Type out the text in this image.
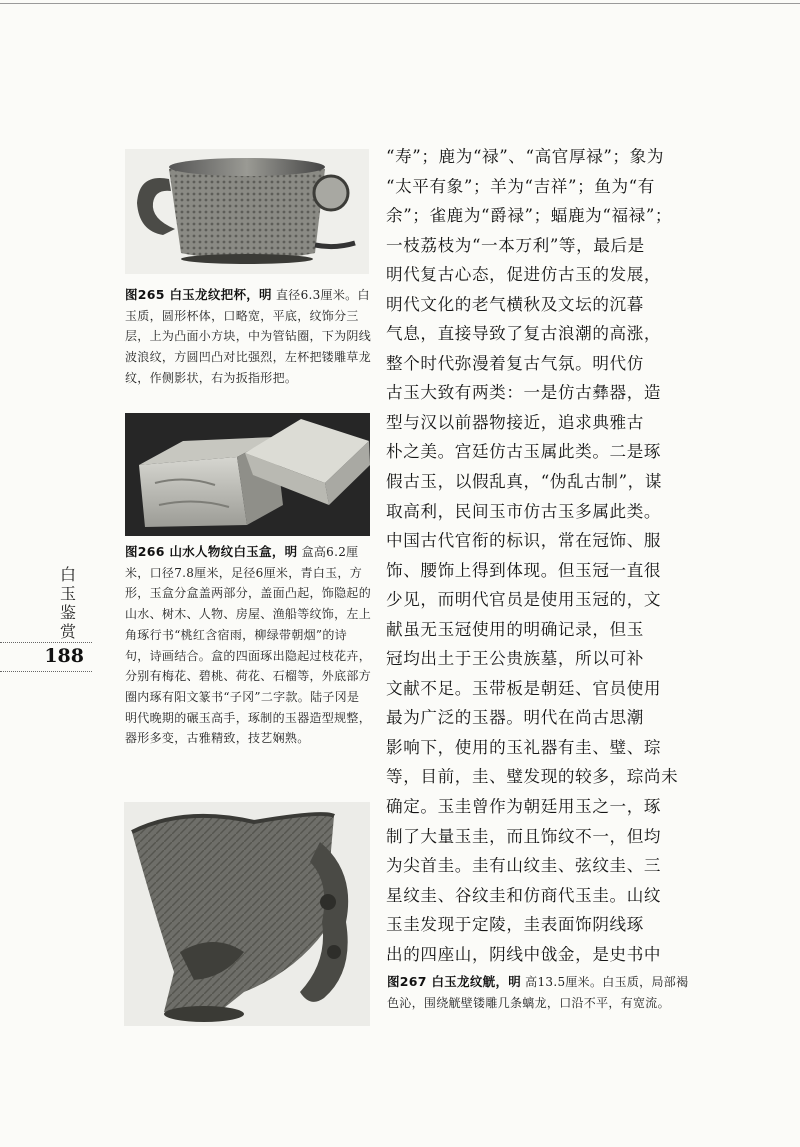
图265 白玉龙纹把杯，明 直径6.3厘米。白玉质，圆形杯体，口略宽，平底，纹饰分三层，上为凸面小方块，中为管钻圈，下为阴线波浪纹，方圆凹凸对比强烈，左杯把镂雕草龙纹，作侧影状，右为扳指形把。
图266 山水人物纹白玉盒，明 盒高6.2厘米，口径7.8厘米，足径6厘米，青白玉，方形，玉盒分盒盖两部分，盖面凸起，饰隐起的山水、树木、人物、房屋、渔船等纹饰，左上角琢行书“桃红含宿雨，柳绿带朝烟”的诗句，诗画结合。盒的四面琢出隐起过枝花卉，分别有梅花、碧桃、荷花、石榴等，外底部方圈内琢有阳文篆书“子冈”二字款。陆子冈是明代晚期的碾玉高手，琢制的玉器造型规整，器形多变，古雅精致，技艺娴熟。
图267 白玉龙纹觥，明 高13.5厘米。白玉质，局部褐色沁，围绕觥壁镂雕几条螭龙，口沿不平，有宽流。
“寿”；鹿为“禄”、“高官厚禄”；象为
“太平有象”；羊为“吉祥”；鱼为“有
余”；雀鹿为“爵禄”；蝠鹿为“福禄”；
一枝荔枝为“一本万利”等，最后是
明代复古心态，促进仿古玉的发展，
明代文化的老气横秋及文坛的沉暮
气息，直接导致了复古浪潮的高涨，
整个时代弥漫着复古气氛。明代仿
古玉大致有两类：一是仿古彝器，造
型与汉以前器物接近，追求典雅古
朴之美。宫廷仿古玉属此类。二是琢
假古玉，以假乱真，“伪乱古制”，谋
取高利，民间玉市仿古玉多属此类。
中国古代官衔的标识，常在冠饰、服
饰、腰饰上得到体现。但玉冠一直很
少见，而明代官员是使用玉冠的，文
献虽无玉冠使用的明确记录，但玉
冠均出土于王公贵族墓，所以可补
文献不足。玉带板是朝廷、官员使用
最为广泛的玉器。明代在尚古思潮
影响下，使用的玉礼器有圭、璧、琮
等，目前，圭、璧发现的较多，琮尚未
确定。玉圭曾作为朝廷用玉之一，琢
制了大量玉圭，而且饰纹不一，但均
为尖首圭。圭有山纹圭、弦纹圭、三
星纹圭、谷纹圭和仿商代玉圭。山纹
玉圭发现于定陵，圭表面饰阴线琢
出的四座山，阴线中戗金，是史书中
白玉鉴赏
188
